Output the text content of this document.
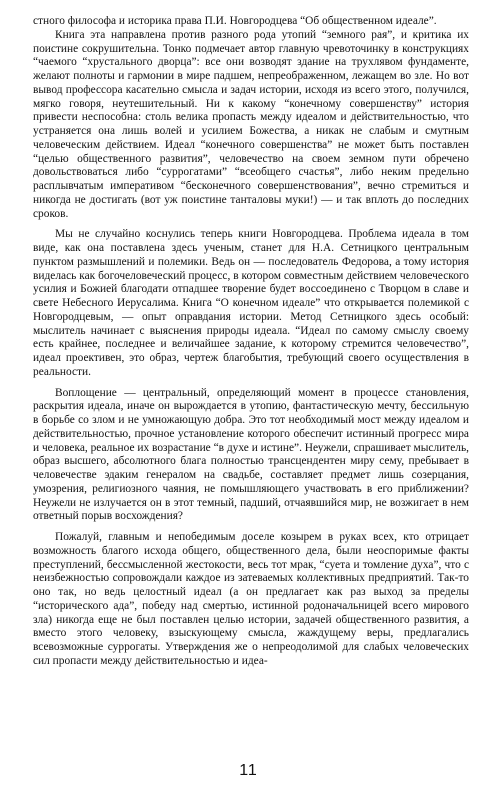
стного философа и историка права П.И. Новгородцева “Об общественном идеале”.

Книга эта направлена против разного рода утопий “земного рая”, и критика их поистине сокрушительна. Тонко подмечает автор главную чревоточинку в конструкциях “чаемого “хрустального дворца”: все они возводят здание на трухлявом фундаменте, желают полноты и гармонии в мире падшем, непреображенном, лежащем во зле. Но вот вывод профессора касательно смысла и задач истории, исходя из всего этого, получился, мягко говоря, неутешительный. Ни к какому “конечному совершенству” история привести неспособна: столь велика пропасть между идеалом и действительностью, что устраняется она лишь волей и усилием Божества, а никак не слабым и смутным человеческим действием. Идеал “конечного совершенства” не может быть поставлен “целью общественного развития”, человечество на своем земном пути обречено довольствоваться либо “суррогатами” “всеобщего счастья”, либо неким предельно расплывчатым императивом “бесконечного совершенствования”, вечно стремиться и никогда не достигать (вот уж поистине танталовы муки!) — и так вплоть до последних сроков.

Мы не случайно коснулись теперь книги Новгородцева. Проблема идеала в том виде, как она поставлена здесь ученым, станет для Н.А. Сетницкого центральным пунктом размышлений и полемики. Ведь он — последователь Федорова, а тому история виделась как богочеловеческий процесс, в котором совместным действием человеческого усилия и Божией благодати отпадшее творение будет воссоединено с Творцом в славе и свете Небесного Иерусалима. Книга “О конечном идеале” что открывается полемикой с Новгородцевым, — опыт оправдания истории. Метод Сетницкого здесь особый: мыслитель начинает с выяснения природы идеала. “Идеал по самому смыслу своему есть крайнее, последнее и величайшее задание, к которому стремится человечество”, идеал проективен, это образ, чертеж благобытия, требующий своего осуществления в реальности.

Воплощение — центральный, определяющий момент в процессе становления, раскрытия идеала, иначе он вырождается в утопию, фантастическую мечту, бессильную в борьбе со злом и не умножающую добра. Это тот необходимый мост между идеалом и действительностью, прочное установление которого обеспечит истинный прогресс мира и человека, реальное их возрастание “в духе и истине”. Неужели, спрашивает мыслитель, образ высшего, абсолютного блага полностью трансцендентен миру сему, пребывает в человечестве эдаким генералом на свадьбе, составляет предмет лишь созерцания, умозрения, религиозного чаяния, не помышляющего участвовать в его приближении? Неужели не излучается он в этот темный, падший, отчаявшийся мир, не возжигает в нем ответный порыв восхождения?

Пожалуй, главным и непобедимым доселе козырем в руках всех, кто отрицает возможность благого исхода общего, общественного дела, были неоспоримые факты преступлений, бессмысленной жестокости, весь тот мрак, “суета и томление духа”, что с неизбежностью сопровождали каждое из затеваемых коллективных предприятий. Так-то оно так, но ведь целостный идеал (а он предлагает как раз выход за пределы “исторического ада”, победу над смертью, истинной родоначальницей всего мирового зла) никогда еще не был поставлен целью истории, задачей общественного развития, а вместо этого человеку, взыскующему смысла, жаждущему веры, предлагались всевозможные суррогаты. Утверждения же о непреодолимой для слабых человеческих сил пропасти между действительностью и идеа-

11
